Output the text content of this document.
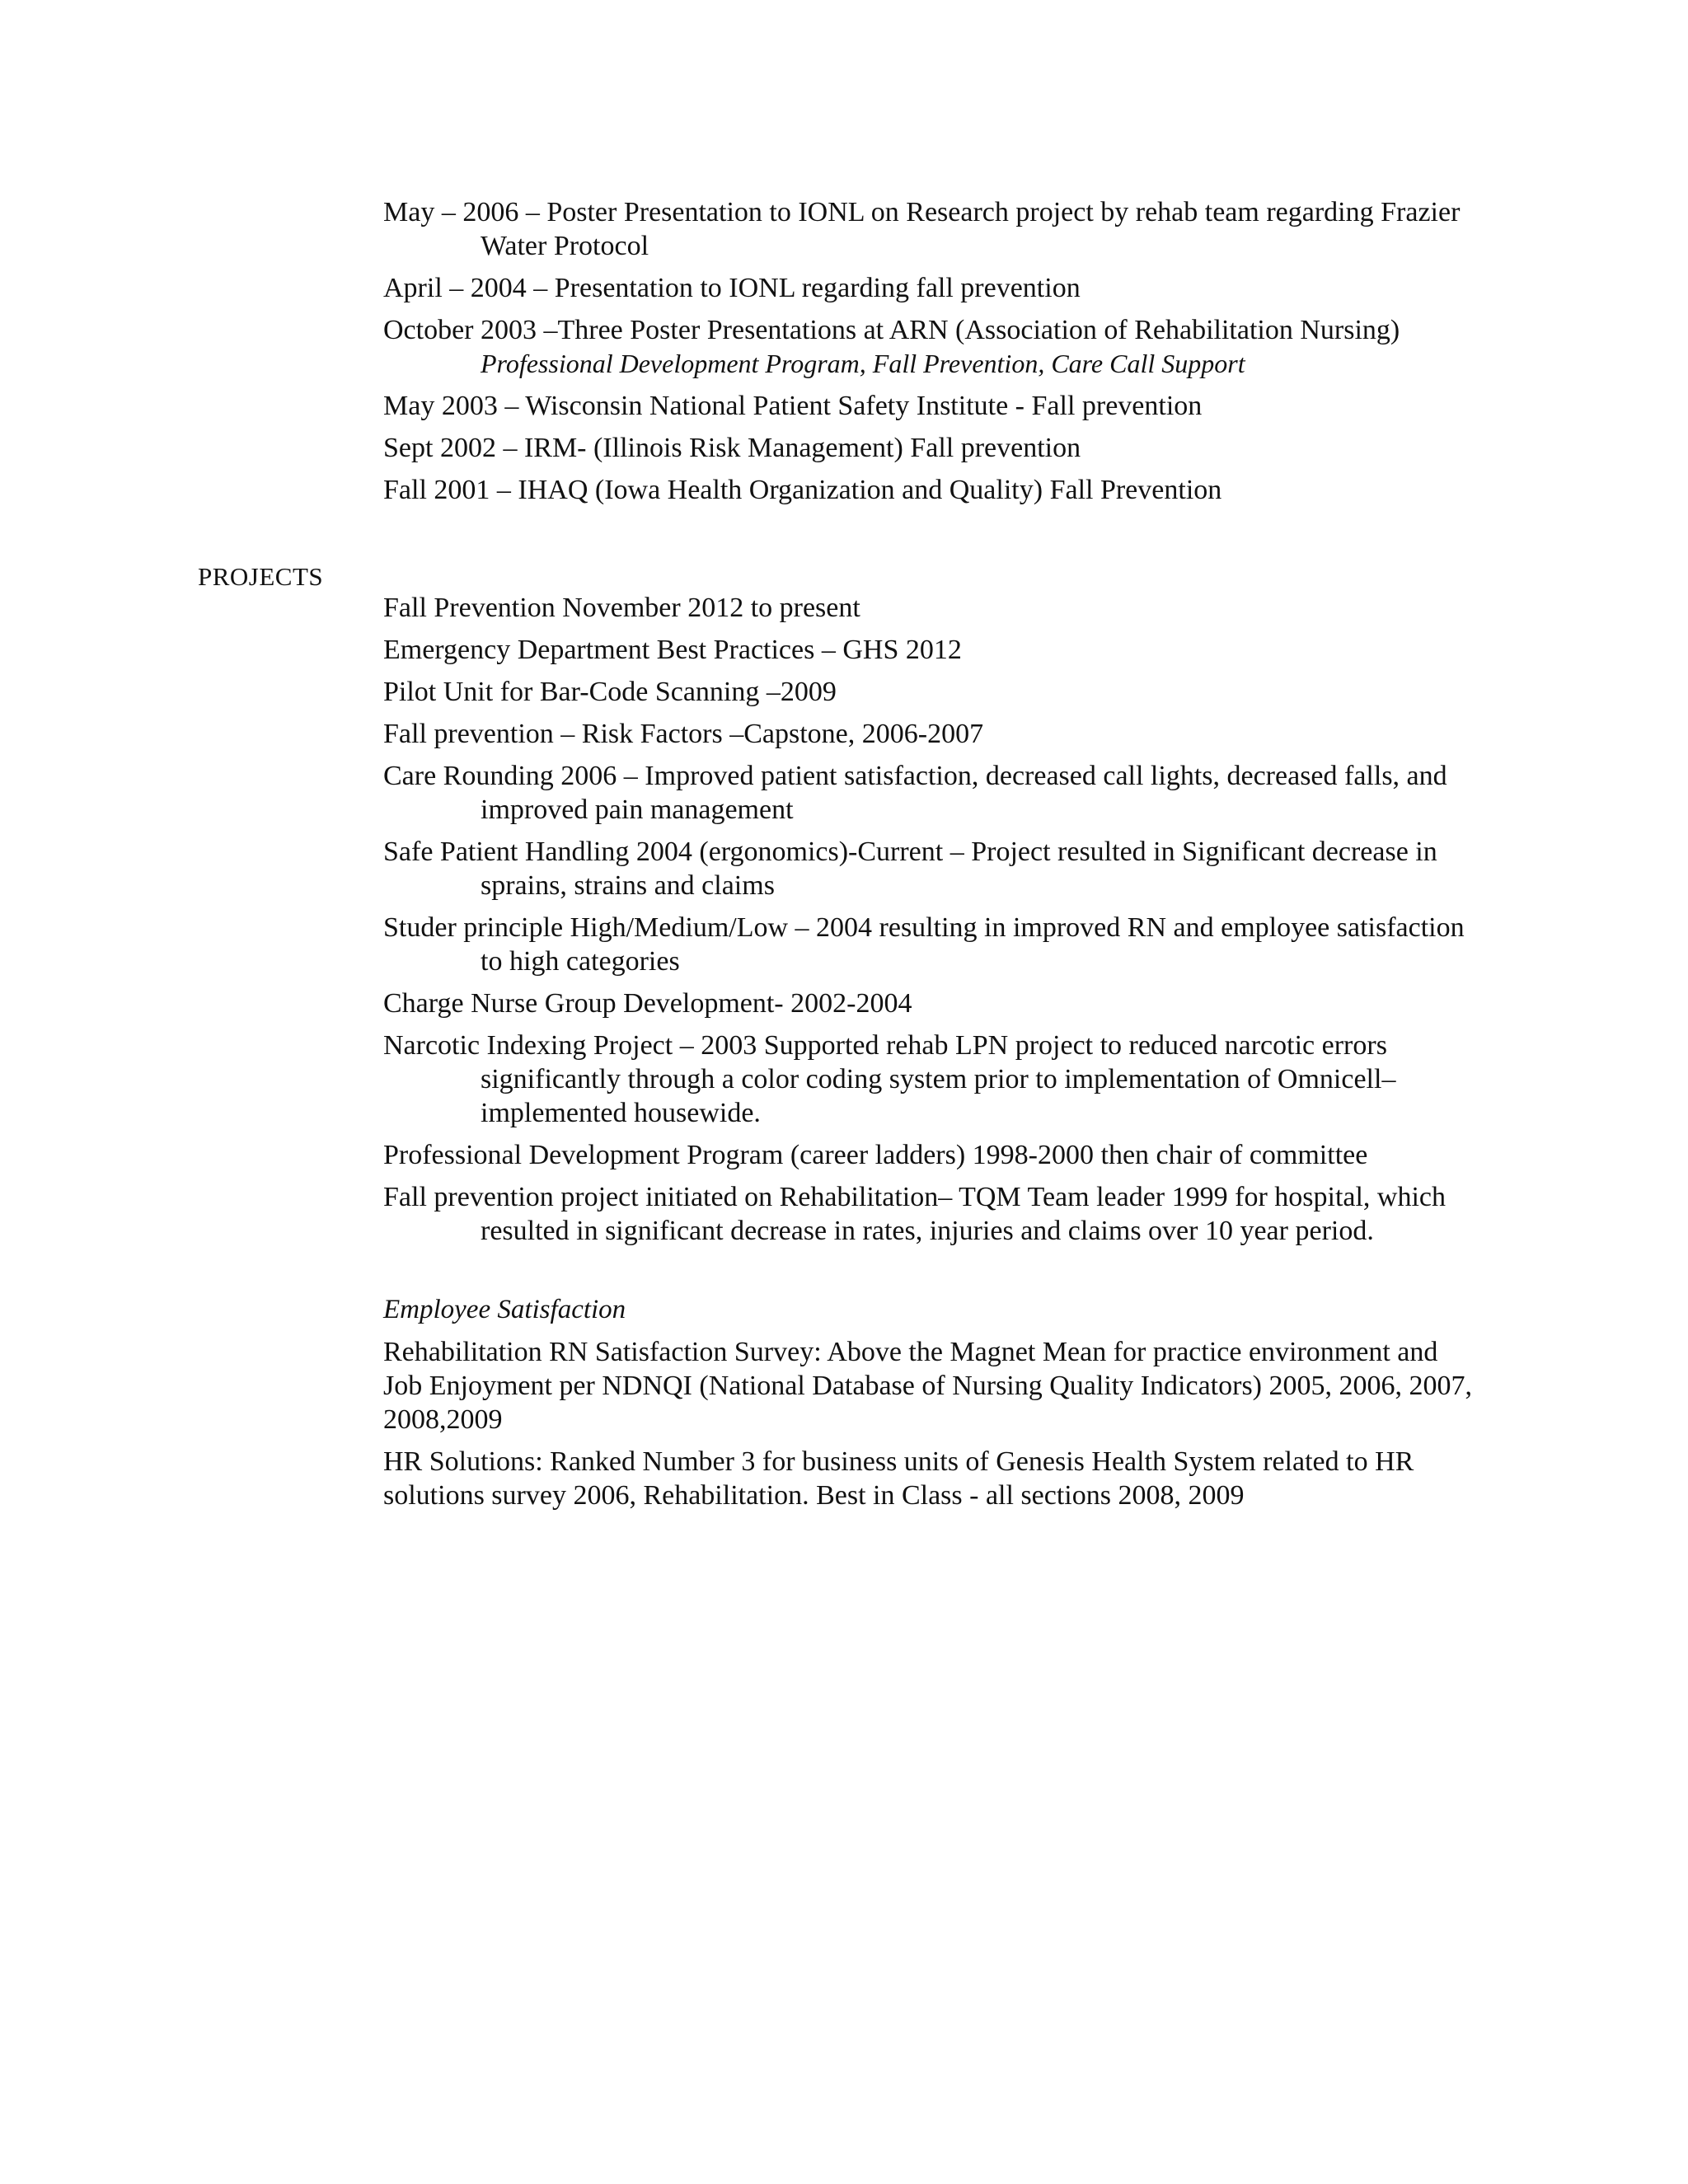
May – 2006 – Poster Presentation to IONL on Research project by rehab team regarding Frazier Water Protocol
April – 2004 – Presentation to IONL regarding fall prevention
October 2003 –Three Poster Presentations at ARN (Association of Rehabilitation Nursing)
Professional Development Program, Fall Prevention, Care Call Support
May 2003 – Wisconsin National Patient Safety Institute - Fall prevention
Sept 2002 – IRM- (Illinois Risk Management) Fall prevention
Fall 2001 – IHAQ (Iowa Health Organization and Quality) Fall Prevention
PROJECTS
Fall Prevention November 2012 to present
Emergency Department Best Practices – GHS 2012
Pilot Unit for Bar-Code Scanning –2009
Fall prevention – Risk Factors –Capstone, 2006-2007
Care Rounding 2006 – Improved patient satisfaction, decreased call lights, decreased falls, and improved pain management
Safe Patient Handling 2004 (ergonomics)-Current – Project resulted in Significant decrease in sprains, strains and claims
Studer principle High/Medium/Low – 2004 resulting in improved RN and employee satisfaction to high categories
Charge Nurse Group Development- 2002-2004
Narcotic Indexing Project – 2003 Supported rehab LPN project to reduced narcotic errors significantly through a color coding system prior to implementation of Omnicell– implemented housewide.
Professional Development Program (career ladders) 1998-2000 then chair of committee
Fall prevention project initiated on Rehabilitation– TQM Team leader 1999 for hospital, which resulted in significant decrease in rates, injuries and claims over 10 year period.
Employee Satisfaction
Rehabilitation RN Satisfaction Survey: Above the Magnet Mean for practice environment and Job Enjoyment per NDNQI (National Database of Nursing Quality Indicators) 2005, 2006, 2007, 2008,2009
HR Solutions: Ranked Number 3 for business units of Genesis Health System related to HR solutions survey 2006, Rehabilitation. Best in Class - all sections 2008, 2009
